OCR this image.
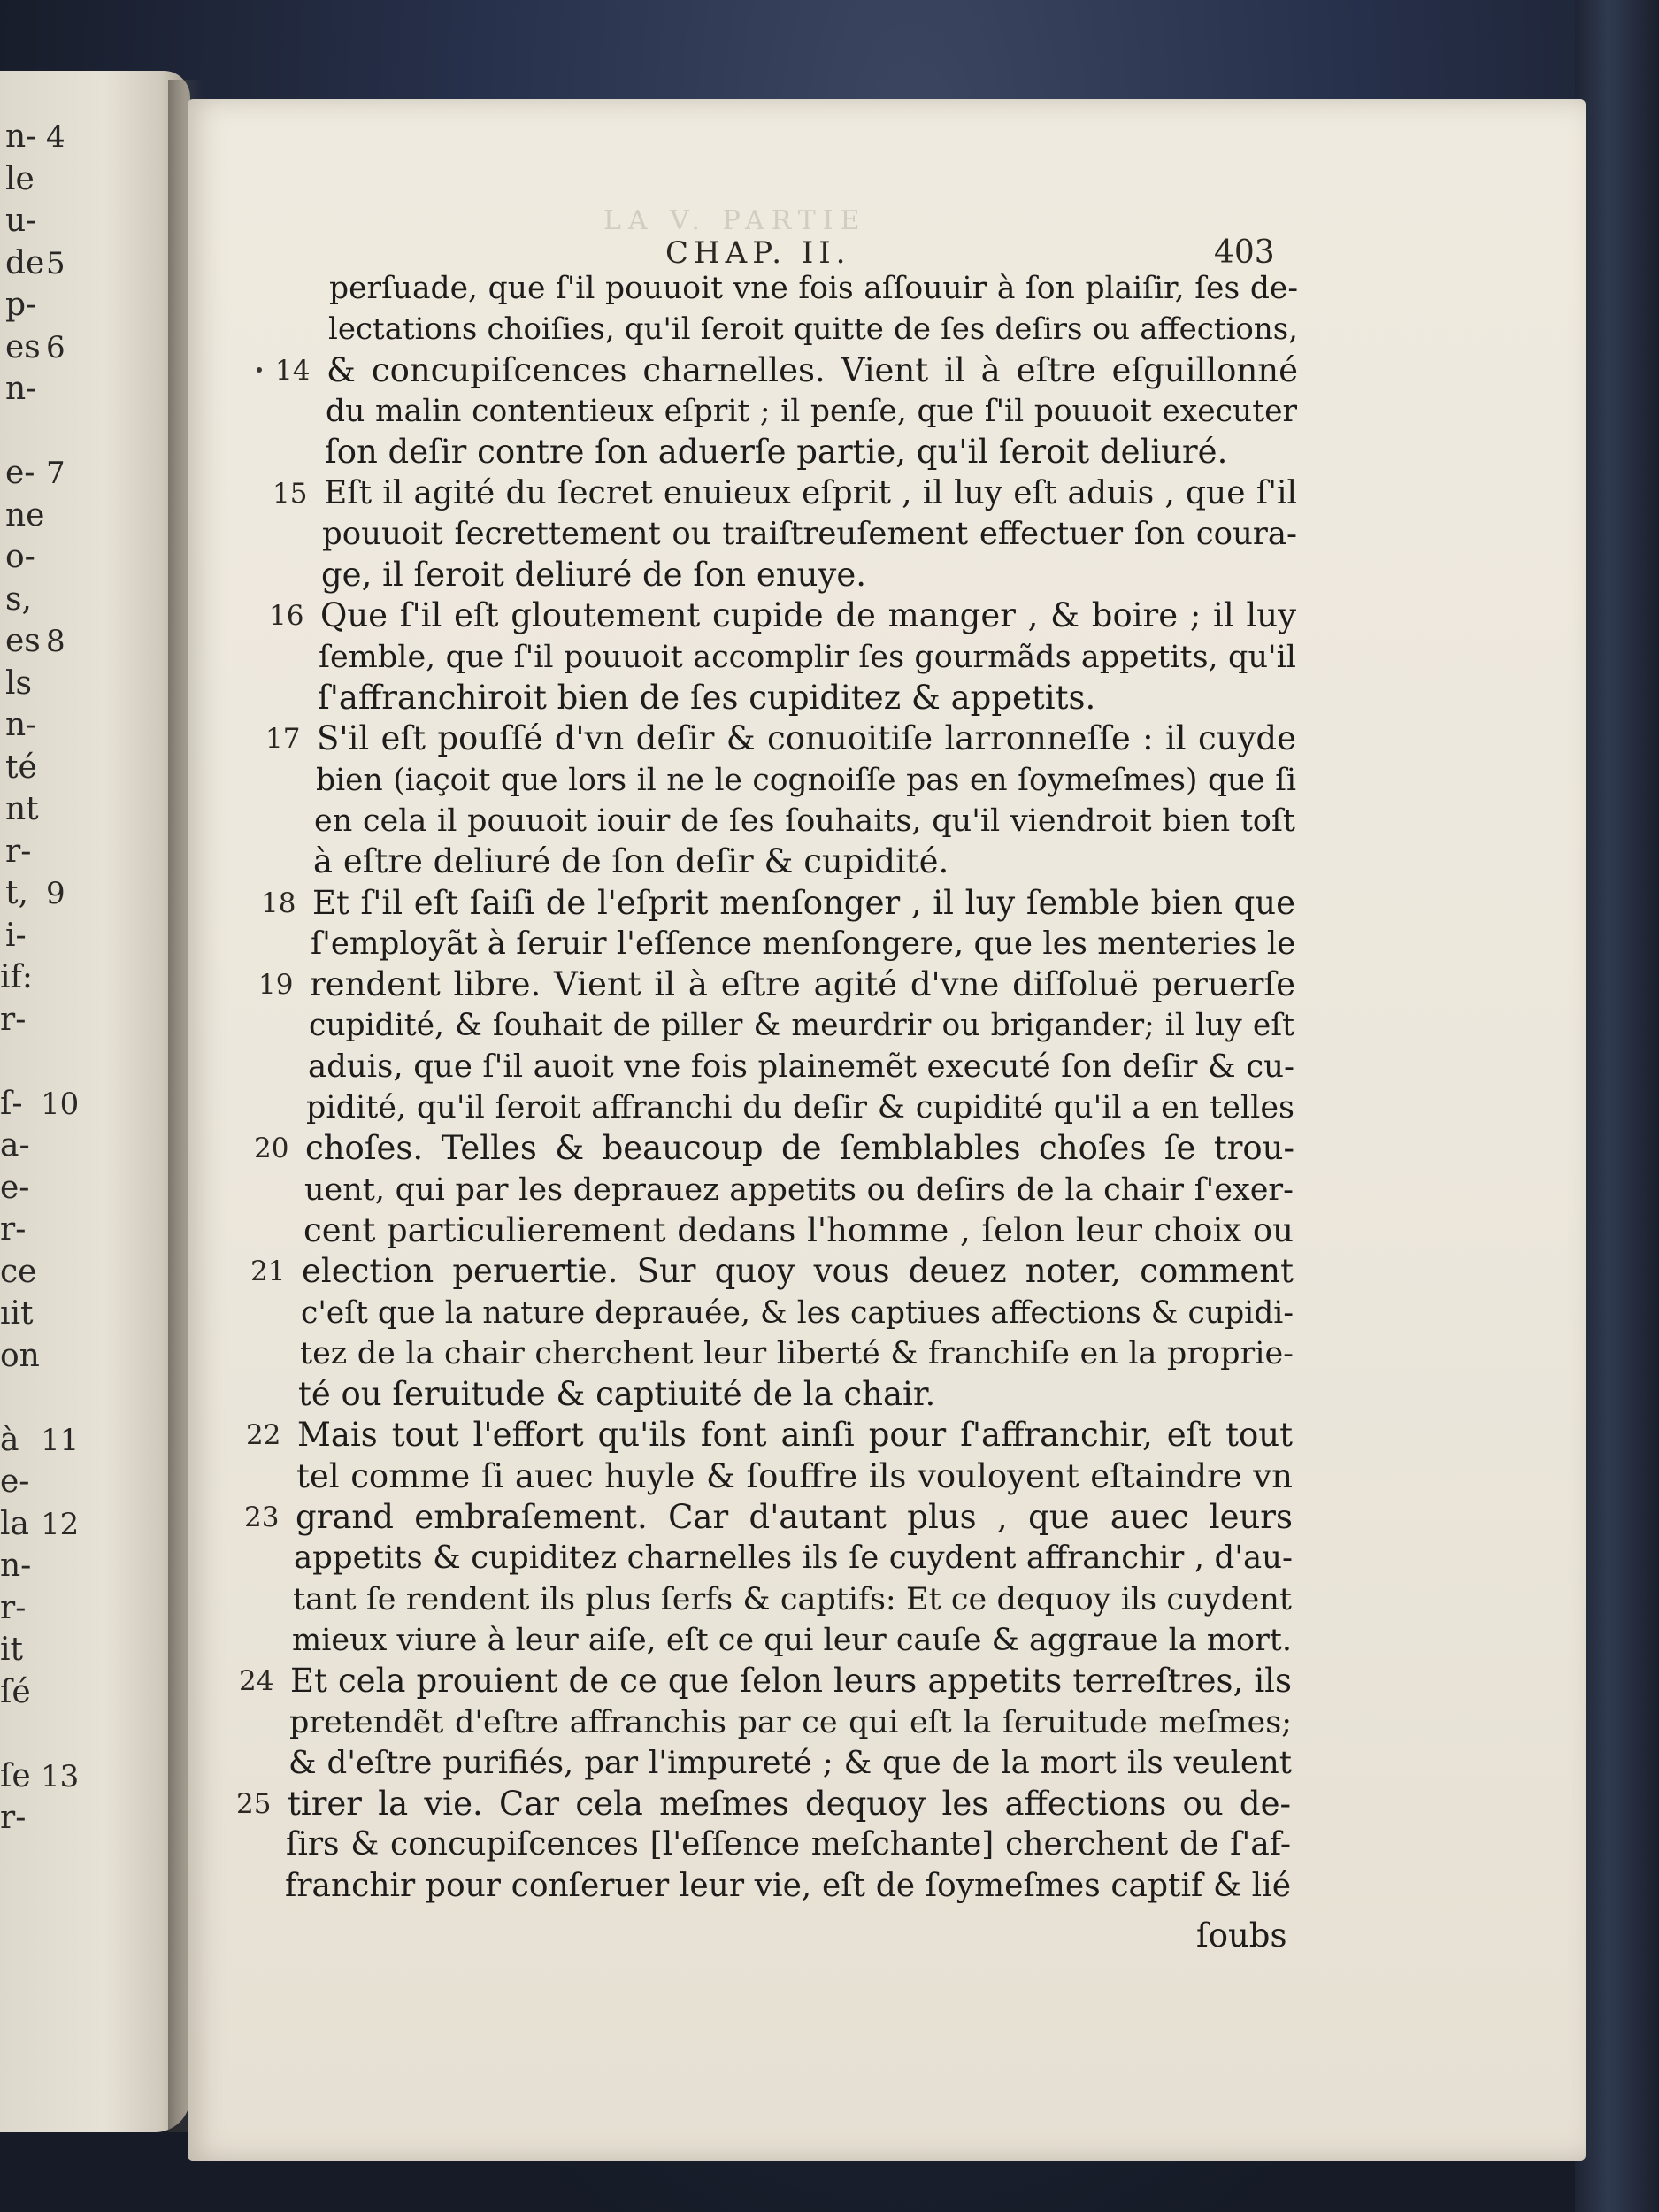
n- 4
le
u-
de5
p-
es 6
n-
e- 7
ne
o-
s,
es 8
ls
n-
té
nt
r-
t, 9
i-
if:
r-
ſ- 10
a-
e-
r-
ce
ıit
on
à 11
e-
la 12
n-
r-
it
ſé
ſe 13
r-
LA V. PARTIE
CHAP. II.	403
perſuade, que ſ'il pouuoit vne fois aſſouuir à ſon plaiſir, ſes de-
lectations choiſies, qu'il ſeroit quitte de ſes deſirs ou affections,
& concupiſcences charnelles. Vient il à eſtre eſguillonné
14
du malin contentieux eſprit ; il penſe, que ſ'il pouuoit executer
ſon deſir contre ſon aduerſe partie, qu'il ſeroit deliuré.
Eſt il agité du ſecret enuieux eſprit , il luy eſt aduis , que ſ'il
15
pouuoit ſecrettement ou traiſtreuſement effectuer ſon coura-
ge, il ſeroit deliuré de ſon enuye.
Que ſ'il eſt gloutement cupide de manger , & boire ; il luy
16
ſemble, que ſ'il pouuoit accomplir ſes gourmãds appetits, qu'il
ſ'affranchiroit bien de ſes cupiditez & appetits.
S'il eſt pouſſé d'vn deſir & conuoitiſe larronneſſe : il cuyde
17
bien (iaçoit que lors il ne le cognoiſſe pas en ſoymeſmes) que ſi
en cela il pouuoit iouir de ſes ſouhaits, qu'il viendroit bien toſt
à eſtre deliuré de ſon deſir & cupidité.
Et ſ'il eſt ſaiſi de l'eſprit menſonger , il luy ſemble bien que
18
ſ'employãt à ſeruir l'eſſence menſongere, que les menteries le
rendent libre. Vient il à eſtre agité d'vne diſſoluë peruerſe
19
cupidité, & ſouhait de piller & meurdrir ou brigander; il luy eſt
aduis, que ſ'il auoit vne fois plainemẽt executé ſon deſir & cu-
pidité, qu'il ſeroit affranchi du deſir & cupidité qu'il a en telles
choſes. Telles & beaucoup de ſemblables choſes ſe trou-
20
uent, qui par les deprauez appetits ou deſirs de la chair ſ'exer-
cent particulierement dedans l'homme , ſelon leur choix ou
election peruertie. Sur quoy vous deuez noter, comment
21
c'eſt que la nature deprauée, & les captiues affections & cupidi-
tez de la chair cherchent leur liberté & franchiſe en la proprie-
té ou ſeruitude & captiuité de la chair.
Mais tout l'effort qu'ils font ainſi pour ſ'affranchir, eſt tout
22
tel comme ſi auec huyle & ſouffre ils vouloyent eſtaindre vn
grand embraſement. Car d'autant plus , que auec leurs
23
appetits & cupiditez charnelles ils ſe cuydent affranchir , d'au-
tant ſe rendent ils plus ſerfs & captifs: Et ce dequoy ils cuydent
mieux viure à leur aiſe, eſt ce qui leur cauſe & aggraue la mort.
Et cela prouient de ce que ſelon leurs appetits terreſtres, ils
24
pretendẽt d'eſtre affranchis par ce qui eſt la ſeruitude meſmes;
& d'eſtre purifiés, par l'impureté ; & que de la mort ils veulent
tirer la vie. Car cela meſmes dequoy les affections ou de-
25
ſirs & concupiſcences [l'eſſence meſchante] cherchent de ſ'af-
franchir pour conſeruer leur vie, eſt de ſoymeſmes captif & lié
ſoubs
